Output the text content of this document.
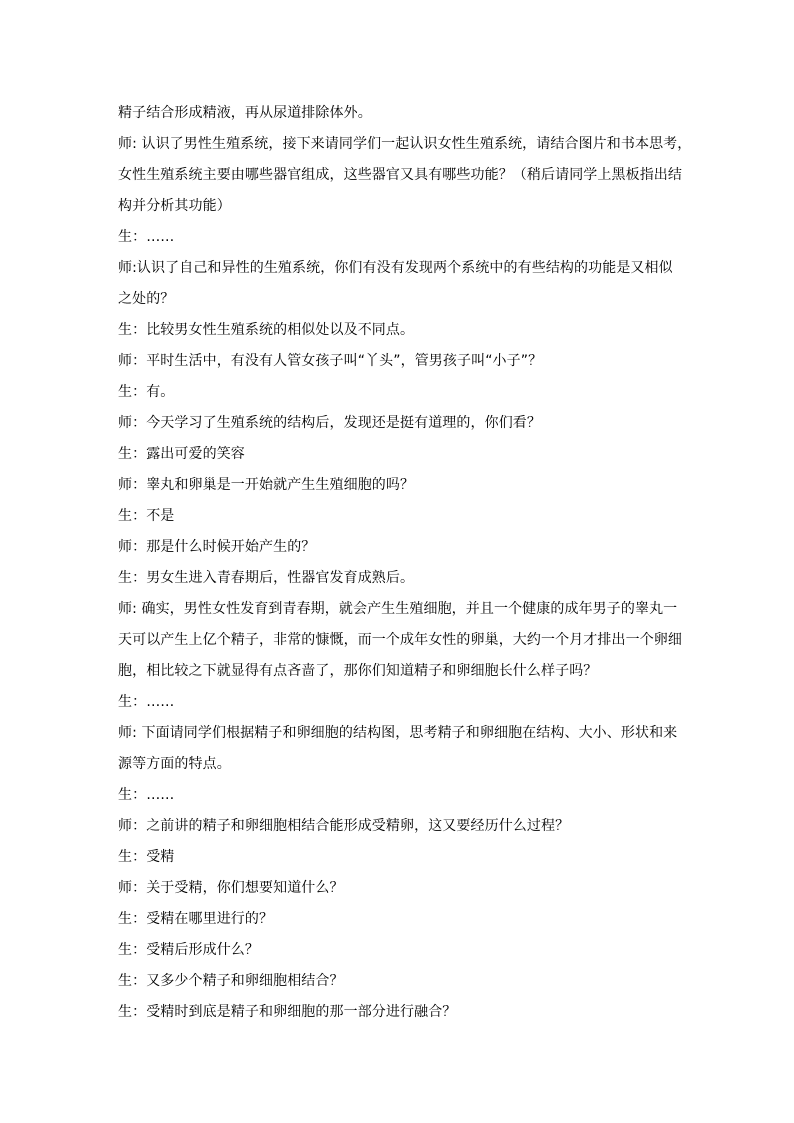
精子结合形成精液，再从尿道排除体外。
师: 认识了男性生殖系统，接下来请同学们一起认识女性生殖系统，请结合图片和书本思考，
女性生殖系统主要由哪些器官组成，这些器官又具有哪些功能？（稍后请同学上黑板指出结
构并分析其功能）
生：……
师:认识了自己和异性的生殖系统，你们有没有发现两个系统中的有些结构的功能是又相似
之处的？
生：比较男女性生殖系统的相似处以及不同点。
师：平时生活中，有没有人管女孩子叫“丫头”，管男孩子叫“小子”？
生：有。
师：今天学习了生殖系统的结构后，发现还是挺有道理的，你们看？
生：露出可爱的笑容
师：睾丸和卵巢是一开始就产生生殖细胞的吗？
生：不是
师：那是什么时候开始产生的？
生：男女生进入青春期后，性器官发育成熟后。
师: 确实，男性女性发育到青春期，就会产生生殖细胞，并且一个健康的成年男子的睾丸一
天可以产生上亿个精子，非常的慷慨，而一个成年女性的卵巢，大约一个月才排出一个卵细
胞，相比较之下就显得有点吝啬了，那你们知道精子和卵细胞长什么样子吗？
生：……
师: 下面请同学们根据精子和卵细胞的结构图，思考精子和卵细胞在结构、大小、形状和来
源等方面的特点。
生：……
师：之前讲的精子和卵细胞相结合能形成受精卵，这又要经历什么过程？
生：受精
师：关于受精，你们想要知道什么？
生：受精在哪里进行的？
生：受精后形成什么？
生：又多少个精子和卵细胞相结合？
生：受精时到底是精子和卵细胞的那一部分进行融合？
